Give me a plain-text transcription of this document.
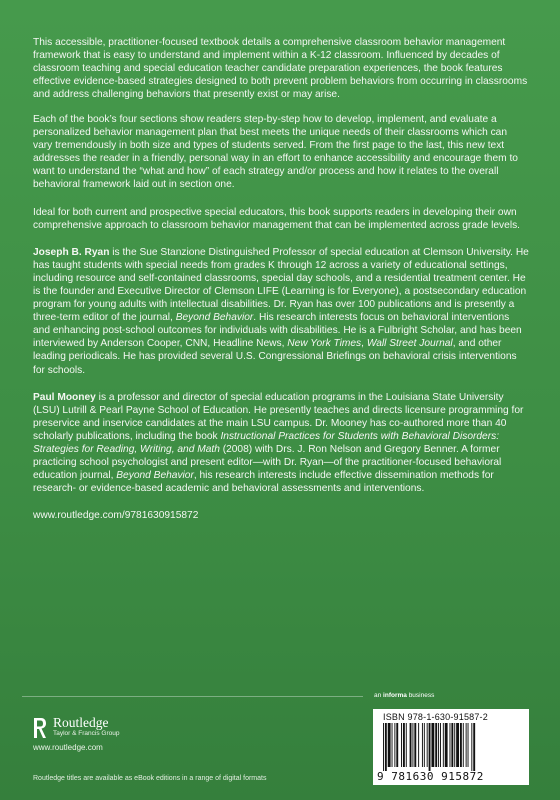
This accessible, practitioner-focused textbook details a comprehensive classroom behavior management framework that is easy to understand and implement within a K-12 classroom. Influenced by decades of classroom teaching and special education teacher candidate preparation experiences, the book features effective evidence-based strategies designed to both prevent problem behaviors from occurring in classrooms and address challenging behaviors that presently exist or may arise.

Each of the book’s four sections show readers step-by-step how to develop, implement, and evaluate a personalized behavior management plan that best meets the unique needs of their classrooms which can vary tremendously in both size and types of students served. From the first page to the last, this new text addresses the reader in a friendly, personal way in an effort to enhance accessibility and encourage them to want to understand the “what and how” of each strategy and/or process and how it relates to the overall behavioral framework laid out in section one.

Ideal for both current and prospective special educators, this book supports readers in developing their own comprehensive approach to classroom behavior management that can be implemented across grade levels.

Joseph B. Ryan is the Sue Stanzione Distinguished Professor of special education at Clemson University. He has taught students with special needs from grades K through 12 across a variety of educational settings, including resource and self-contained classrooms, special day schools, and a residential treatment center. He is the founder and Executive Director of Clemson LIFE (Learning is for Everyone), a postsecondary education program for young adults with intellectual disabilities. Dr. Ryan has over 100 publications and is presently a three-term editor of the journal, Beyond Behavior. His research interests focus on behavioral interventions and enhancing post-school outcomes for individuals with disabilities. He is a Fulbright Scholar, and has been interviewed by Anderson Cooper, CNN, Headline News, New York Times, Wall Street Journal, and other leading periodicals. He has provided several U.S. Congressional Briefings on behavioral crisis interventions for schools.

Paul Mooney is a professor and director of special education programs in the Louisiana State University (LSU) Lutrill & Pearl Payne School of Education. He presently teaches and directs licensure programming for preservice and inservice candidates at the main LSU campus. Dr. Mooney has co-authored more than 40 scholarly publications, including the book Instructional Practices for Students with Behavioral Disorders: Strategies for Reading, Writing, and Math (2008) with Drs. J. Ron Nelson and Gregory Benner. A former practicing school psychologist and present editor—with Dr. Ryan—of the practitioner-focused behavioral education journal, Beyond Behavior, his research interests include effective dissemination methods for research- or evidence-based academic and behavioral assessments and interventions.

www.routledge.com/9781630915872

Routledge
Taylor & Francis Group
www.routledge.com
Routledge titles are available as eBook editions in a range of digital formats
an informa business
ISBN 978-1-630-91587-2
9 781630 915872
